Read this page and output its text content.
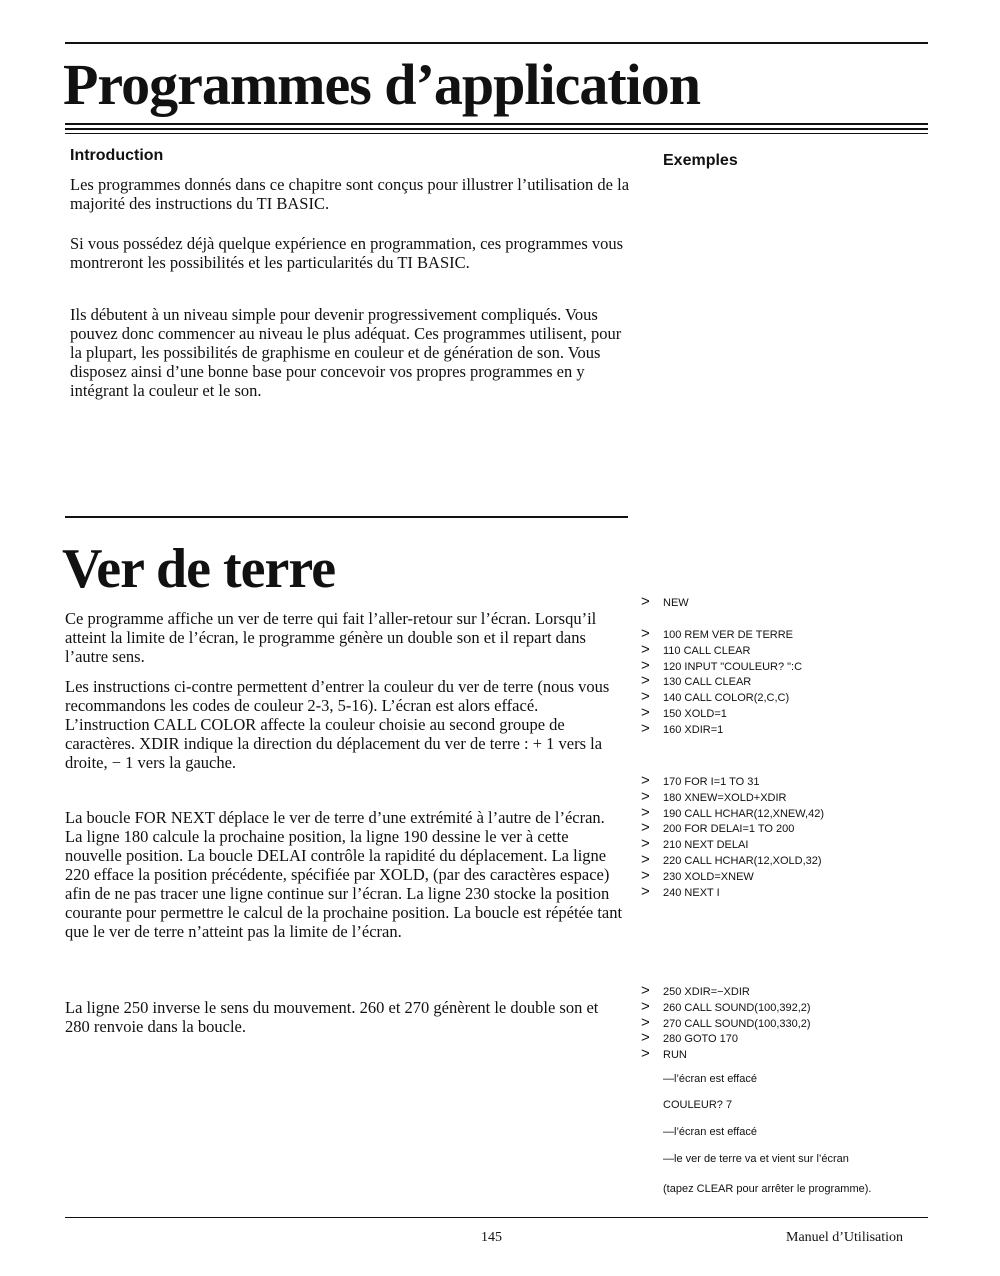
Programmes d’application
Introduction

Les programmes donnés dans ce chapitre sont conçus pour illustrer l’utilisation de la majorité des instructions du TI BASIC.

Si vous possédez déjà quelque expérience en programmation, ces programmes vous montreront les possibilités et les particularités du TI BASIC.

Ils débutent à un niveau simple pour devenir progressivement compliqués. Vous pouvez donc commencer au niveau le plus adéquat. Ces programmes utilisent, pour la plupart, les possibilités de graphisme en couleur et de génération de son. Vous disposez ainsi d’une bonne base pour concevoir vos propres programmes en y intégrant la couleur et le son.

Exemples
Ver de terre

Ce programme affiche un ver de terre qui fait l’aller-retour sur l’écran. Lorsqu’il atteint la limite de l’écran, le programme génère un double son et il repart dans l’autre sens.

Les instructions ci-contre permettent d’entrer la couleur du ver de terre (nous vous recommandons les codes de couleur 2-3, 5-16). L’écran est alors effacé. L’instruction CALL COLOR affecte la couleur choisie au second groupe de caractères. XDIR indique la direction du déplacement du ver de terre : + 1 vers la droite, − 1 vers la gauche.

La boucle FOR NEXT déplace le ver de terre d’une extrémité à l’autre de l’écran. La ligne 180 calcule la prochaine position, la ligne 190 dessine le ver à cette nouvelle position. La boucle DELAI contrôle la rapidité du déplacement. La ligne 220 efface la position précédente, spécifiée par XOLD, (par des caractères espace) afin de ne pas tracer une ligne continue sur l’écran. La ligne 230 stocke la position courante pour permettre le calcul de la prochaine position. La boucle est répétée tant que le ver de terre n’atteint pas la limite de l’écran.

La ligne 250 inverse le sens du mouvement. 260 et 270 génèrent le double son et 280 renvoie dans la boucle.

> NEW
> 100 REM VER DE TERRE
> 110 CALL CLEAR
> 120 INPUT "COULEUR? ":C
> 130 CALL CLEAR
> 140 CALL COLOR(2,C,C)
> 150 XOLD=1
> 160 XDIR=1
> 170 FOR I=1 TO 31
> 180 XNEW=XOLD+XDIR
> 190 CALL HCHAR(12,XNEW,42)
> 200 FOR DELAI=1 TO 200
> 210 NEXT DELAI
> 220 CALL HCHAR(12,XOLD,32)
> 230 XOLD=XNEW
> 240 NEXT I
> 250 XDIR=−XDIR
> 260 CALL SOUND(100,392,2)
> 270 CALL SOUND(100,330,2)
> 280 GOTO 170
> RUN
—l’écran est effacé
COULEUR? 7
—l’écran est effacé
—le ver de terre va et vient sur l’écran
(tapez CLEAR pour arrêter le programme).
145	Manuel d’Utilisation
